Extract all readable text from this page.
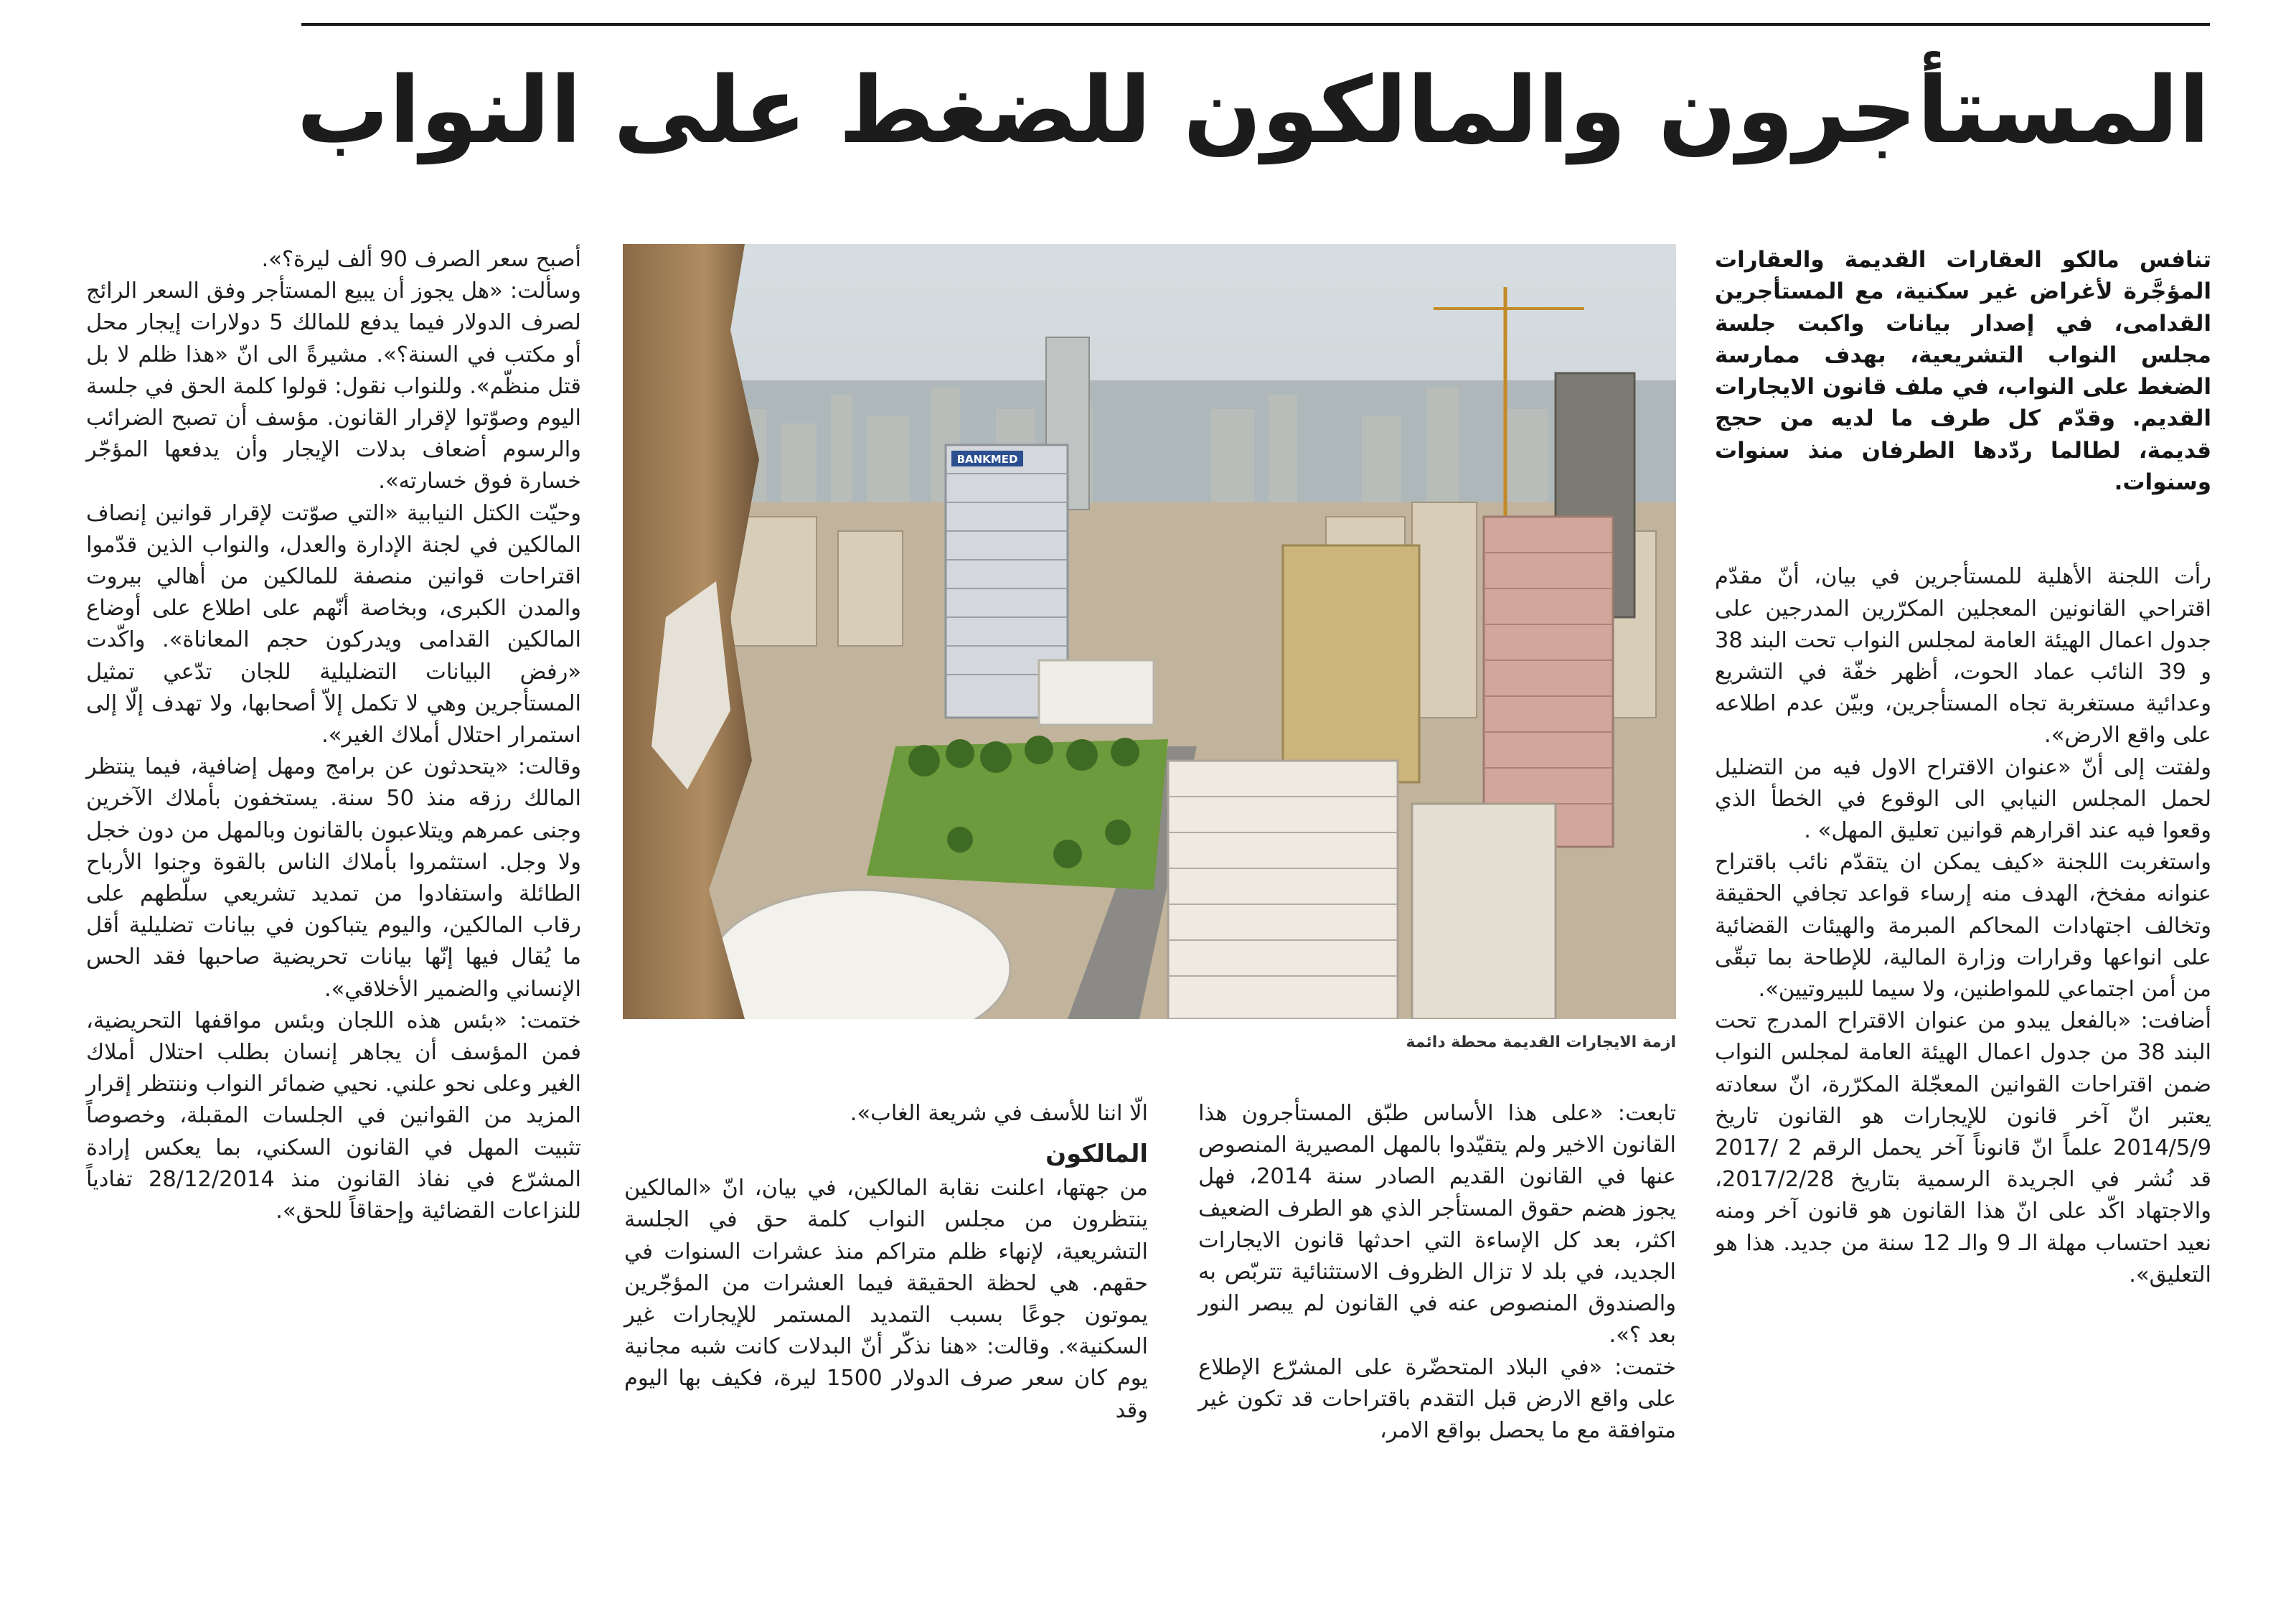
المستأجرون والمالكون للضغط على النواب

تنافس مالكو العقارات القديمة والعقارات المؤجَّرة لأغراض غير سكنية، مع المستأجرين القدامى، في إصدار بيانات واكبت جلسة مجلس النواب التشريعية، بهدف ممارسة الضغط على النواب، في ملف قانون الايجارات القديم. وقدّم كل طرف ما لديه من حجج قديمة، لطالما ردّدها الطرفان منذ سنوات وسنوات.

رأت اللجنة الأهلية للمستأجرين في بيان، أنّ مقدّم اقتراحي القانونين المعجلين المكرّرين المدرجين على جدول اعمال الهيئة العامة لمجلس النواب تحت البند 38 و 39 النائب عماد الحوت، أظهر خفّة في التشريع وعدائية مستغربة تجاه المستأجرين، وبيّن عدم اطلاعه على واقع الارض».

ولفتت إلى أنّ «عنوان الاقتراح الاول فيه من التضليل لحمل المجلس النيابي الى الوقوع في الخطأ الذي وقعوا فيه عند اقرارهم قوانين تعليق المهل» .

واستغربت اللجنة «كيف يمكن ان يتقدّم نائب باقتراح عنوانه مفخخ، الهدف منه إرساء قواعد تجافي الحقيقة وتخالف اجتهادات المحاكم المبرمة والهيئات القضائية على انواعها وقرارات وزارة المالية، للإطاحة بما تبقّى من أمن اجتماعي للمواطنين، ولا سيما للبيروتيين».

أضافت: «بالفعل يبدو من عنوان الاقتراح المدرج تحت البند 38 من جدول اعمال الهيئة العامة لمجلس النواب ضمن اقتراحات القوانين المعجّلة المكرّرة، انّ سعادته يعتبر انّ آخر قانون للإيجارات هو القانون تاريخ 2014/5/9 علماً انّ قانوناً آخر يحمل الرقم 2 /2017 قد نُشر في الجريدة الرسمية بتاريخ 2017/2/28، والاجتهاد اكّد على انّ هذا القانون هو قانون آخر ومنه نعيد احتساب مهلة الـ 9 والـ 12 سنة من جديد. هذا هو التعليق».

BANKMED
ازمة الايجارات القديمة محطة دائمة

تابعت: «على هذا الأساس طبّق المستأجرون هذا القانون الاخير ولم يتقيّدوا بالمهل المصيرية المنصوص عنها في القانون القديم الصادر سنة 2014، فهل يجوز هضم حقوق المستأجر الذي هو الطرف الضعيف اكثر، بعد كل الإساءة التي احدثها قانون الايجارات الجديد، في بلد لا تزال الظروف الاستثنائية تتربّص به والصندوق المنصوص عنه في القانون لم يبصر النور بعد ؟».

ختمت: «في البلاد المتحضّرة على المشرّع الإطلاع على واقع الارض قبل التقدم باقتراحات قد تكون غير متوافقة مع ما يحصل بواقع الامر،

الّا اننا للأسف في شريعة الغاب».

المالكون

من جهتها، اعلنت نقابة المالكين، في بيان، انّ «المالكين ينتظرون من مجلس النواب كلمة حق في الجلسة التشريعية، لإنهاء ظلم متراكم منذ عشرات السنوات في حقهم. هي لحظة الحقيقة فيما العشرات من المؤجّرين يموتون جوعًا بسبب التمديد المستمر للإيجارات غير السكنية». وقالت: «هنا نذكّر أنّ البدلات كانت شبه مجانية يوم كان سعر صرف الدولار 1500 ليرة، فكيف بها اليوم وقد

أصبح سعر الصرف 90 ألف ليرة؟».

وسألت: «هل يجوز أن يبيع المستأجر وفق السعر الرائج لصرف الدولار فيما يدفع للمالك 5 دولارات إيجار محل أو مكتب في السنة؟». مشيرةً الى انّ «هذا ظلم لا بل قتل منظّم». وللنواب نقول: قولوا كلمة الحق في جلسة اليوم وصوّتوا لإقرار القانون. مؤسف أن تصبح الضرائب والرسوم أضعاف بدلات الإيجار وأن يدفعها المؤجّر خسارة فوق خسارته».

وحيّت الكتل النيابية «التي صوّتت لإقرار قوانين إنصاف المالكين في لجنة الإدارة والعدل، والنواب الذين قدّموا اقتراحات قوانين منصفة للمالكين من أهالي بيروت والمدن الكبرى، وبخاصة أنّهم على اطلاع على أوضاع المالكين القدامى ويدركون حجم المعاناة». واكّدت «رفض البيانات التضليلية للجان تدّعي تمثيل المستأجرين وهي لا تكمل إلاّ أصحابها، ولا تهدف إلّا إلى استمرار احتلال أملاك الغير».

وقالت: «يتحدثون عن برامج ومهل إضافية، فيما ينتظر المالك رزقه منذ 50 سنة. يستخفون بأملاك الآخرين وجنى عمرهم ويتلاعبون بالقانون وبالمهل من دون خجل ولا وجل. استثمروا بأملاك الناس بالقوة وجنوا الأرباح الطائلة واستفادوا من تمديد تشريعي سلّطهم على رقاب المالكين، واليوم يتباكون في بيانات تضليلية أقل ما يُقال فيها إنّها بيانات تحريضية صاحبها فقد الحس الإنساني والضمير الأخلاقي».

ختمت: «بئس هذه اللجان وبئس مواقفها التحريضية، فمن المؤسف أن يجاهر إنسان بطلب احتلال أملاك الغير وعلى نحو علني. نحيي ضمائر النواب وننتظر إقرار المزيد من القوانين في الجلسات المقبلة، وخصوصاً تثبيت المهل في القانون السكني، بما يعكس إرادة المشرّع في نفاذ القانون منذ 28/12/2014 تفادياً للنزاعات القضائية وإحقاقاً للحق».
